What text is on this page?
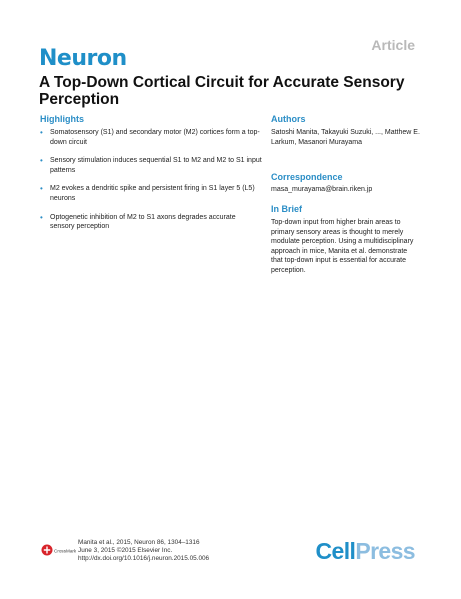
Neuron
Article
A Top-Down Cortical Circuit for Accurate Sensory Perception
Highlights
• Somatosensory (S1) and secondary motor (M2) cortices form a top-down circuit
• Sensory stimulation induces sequential S1 to M2 and M2 to S1 input patterns
• M2 evokes a dendritic spike and persistent firing in S1 layer 5 (L5) neurons
• Optogenetic inhibition of M2 to S1 axons degrades accurate sensory perception
Authors
Satoshi Manita, Takayuki Suzuki, ..., Matthew E. Larkum, Masanori Murayama
Correspondence
masa_murayama@brain.riken.jp
In Brief
Top-down input from higher brain areas to primary sensory areas is thought to merely modulate perception. Using a multidisciplinary approach in mice, Manita et al. demonstrate that top-down input is essential for accurate perception.
CrossMark
Manita et al., 2015, Neuron 86, 1304–1316
June 3, 2015 ©2015 Elsevier Inc.
http://dx.doi.org/10.1016/j.neuron.2015.05.006	CellPress
